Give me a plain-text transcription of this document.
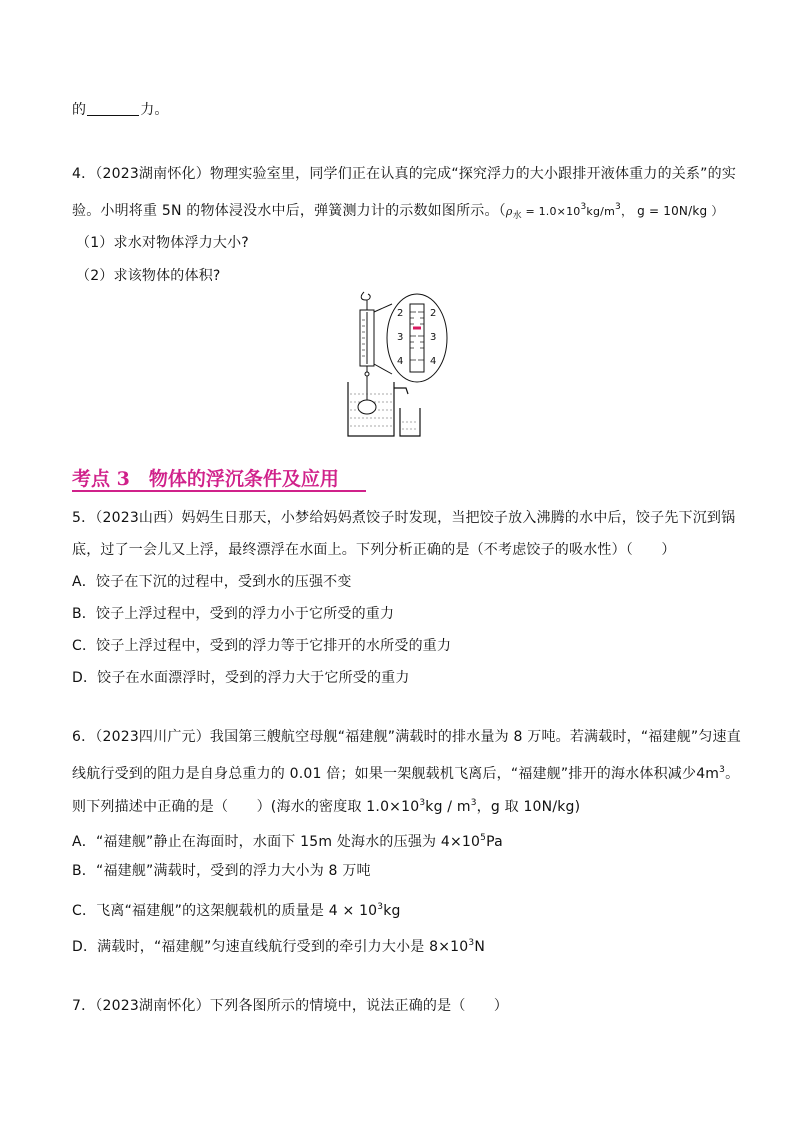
的	力。
4．（2023湖南怀化）物理实验室里，同学们正在认真的完成“探究浮力的大小跟排开液体重力的关系”的实
验。小明将重 5N 的物体浸没水中后，弹簧测力计的示数如图所示。（$\rho_水 = 1.0\times 10^3kg/m^3$， g = 10N/kg ）
（1）求水对物体浮力大小?
（2）求该物体的体积?
2
3
4
2
3
4
考点 3　物体的浮沉条件及应用
5．（2023山西）妈妈生日那天，小梦给妈妈煮饺子时发现，当把饺子放入沸腾的水中后，饺子先下沉到锅
底，过了一会儿又上浮，最终漂浮在水面上。下列分析正确的是（不考虑饺子的吸水性）（　　）
A．饺子在下沉的过程中，受到水的压强不变
B．饺子上浮过程中，受到的浮力小于它所受的重力
C．饺子上浮过程中，受到的浮力等于它排开的水所受的重力
D．饺子在水面漂浮时，受到的浮力大于它所受的重力
6．（2023四川广元）我国第三艘航空母舰“福建舰”满载时的排水量为 8 万吨。若满载时，“福建舰”匀速直
线航行受到的阻力是自身总重力的 0.01 倍；如果一架舰载机飞离后，“福建舰”排开的海水体积减少$4m^3$。
则下列描述中正确的是（　　）(海水的密度取 $1.0\times 10^3kg / m^3$，g 取 10N/kg)
A．“福建舰”静止在海面时，水面下 15m 处海水的压强为 $4\times 10^5Pa$
B．“福建舰”满载时，受到的浮力大小为 8 万吨
C．飞离“福建舰”的这架舰载机的质量是 $4 \times 10^3kg$
D．满载时，“福建舰”匀速直线航行受到的牵引力大小是 $8\times 10^3N$
7．（2023湖南怀化）下列各图所示的情境中，说法正确的是（　　）
